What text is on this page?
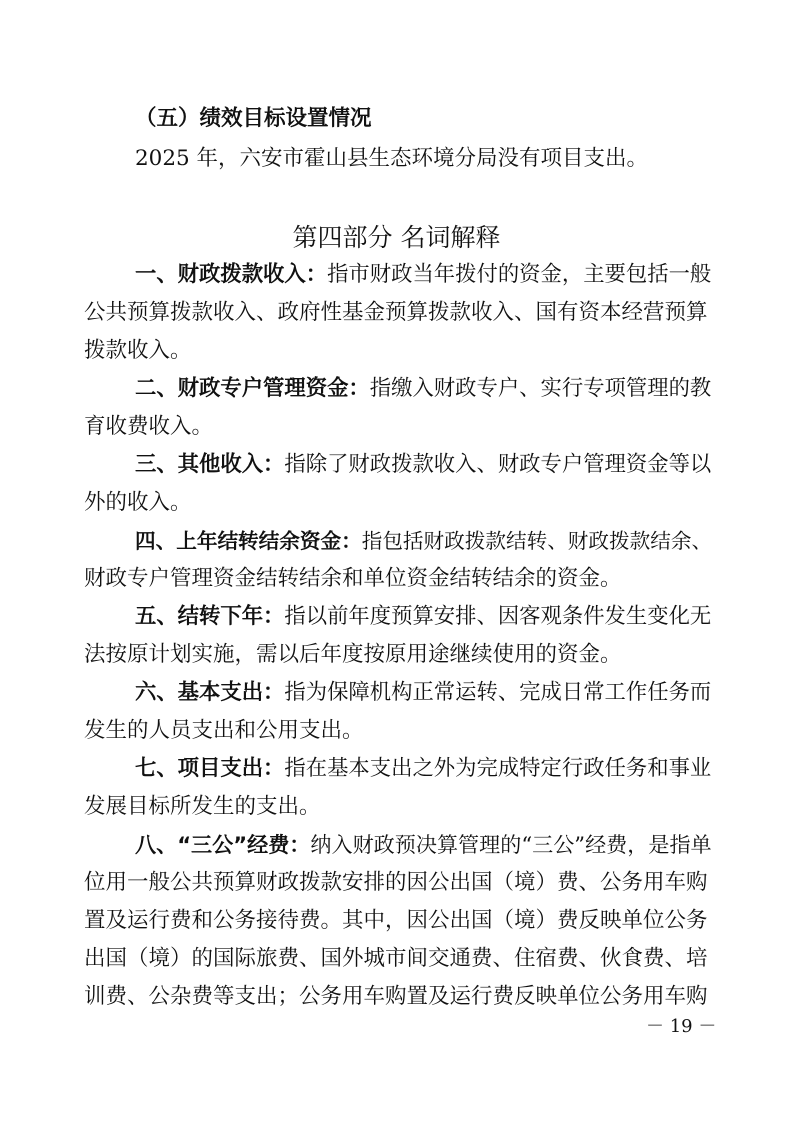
（五）绩效目标设置情况
2025 年，六安市霍山县生态环境分局没有项目支出。
第四部分 名词解释
一、财政拨款收入：指市财政当年拨付的资金，主要包括一般
公共预算拨款收入、政府性基金预算拨款收入、国有资本经营预算
拨款收入。
二、财政专户管理资金：指缴入财政专户、实行专项管理的教
育收费收入。
三、其他收入：指除了财政拨款收入、财政专户管理资金等以
外的收入。
四、上年结转结余资金：指包括财政拨款结转、财政拨款结余、
财政专户管理资金结转结余和单位资金结转结余的资金。
五、结转下年：指以前年度预算安排、因客观条件发生变化无
法按原计划实施，需以后年度按原用途继续使用的资金。
六、基本支出：指为保障机构正常运转、完成日常工作任务而
发生的人员支出和公用支出。
七、项目支出：指在基本支出之外为完成特定行政任务和事业
发展目标所发生的支出。
八、“三公”经费：纳入财政预决算管理的“三公”经费，是指单
位用一般公共预算财政拨款安排的因公出国（境）费、公务用车购
置及运行费和公务接待费。其中，因公出国（境）费反映单位公务
出国（境）的国际旅费、国外城市间交通费、住宿费、伙食费、培
训费、公杂费等支出；公务用车购置及运行费反映单位公务用车购
－ 19 －
